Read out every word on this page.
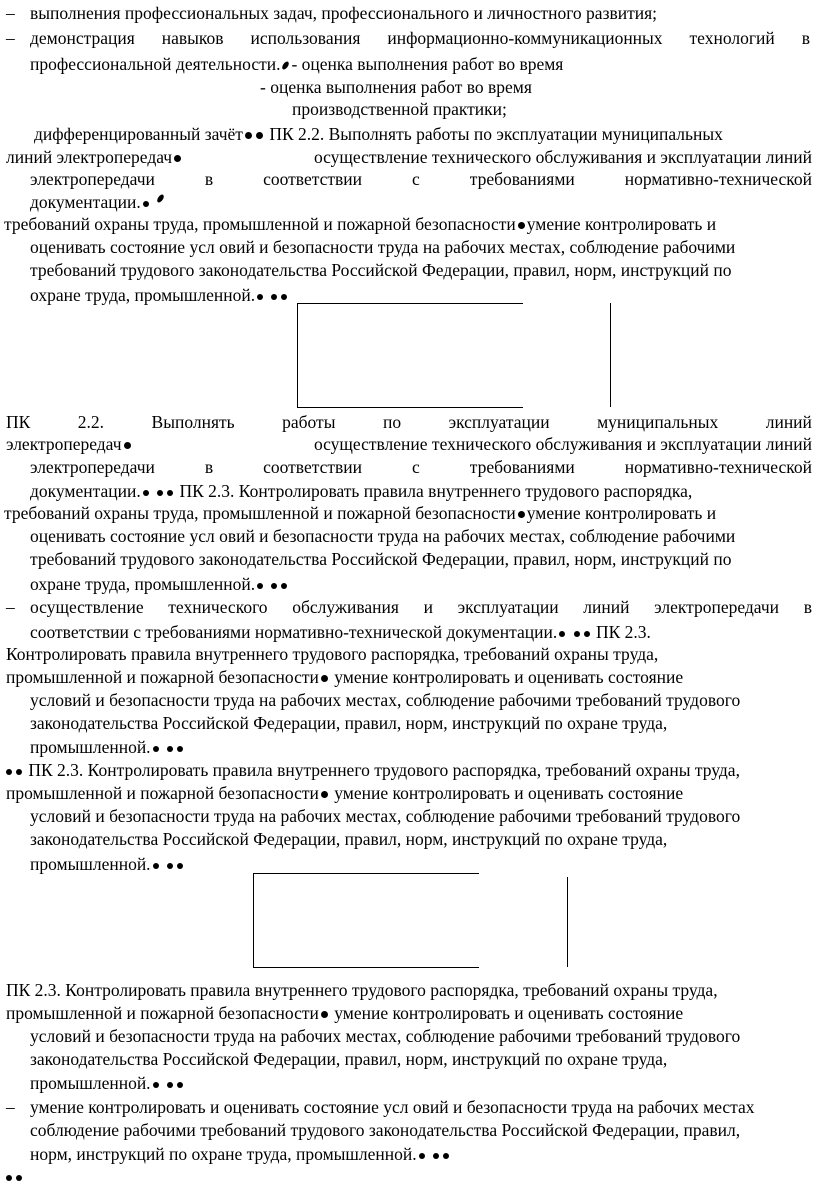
– выполнения профессиональных задач, профессионального и личностного развития;
– демонстрация навыков использования информационно-коммуникационных технологий в
профессиональной деятельности. - оценка выполнения работ во время
- оценка выполнения работ во время
производственной практики;
дифференцированный зачёт ПК 2.2. Выполнять работы по эксплуатации муниципальных
линий электропередач	осуществление технического обслуживания и эксплуатации линий
электропередачи	в	соответствии	с	требованиями	нормативно-технической
документации.
требований охраны труда, промышленной и пожарной безопасности умение контролировать и
оценивать состояние усл овий и безопасности труда на рабочих местах, соблюдение рабочими
требований трудового законодательства Российской Федерации, правил, норм, инструкций по
охране труда, промышленной.
ПК	2.2.	Выполнять	работы	по	эксплуатации	муниципальных	линий
электропередач	осуществление технического обслуживания и эксплуатации линий
электропередачи	в	соответствии	с	требованиями	нормативно-технической
документации. ПК 2.3. Контролировать правила внутреннего трудового распорядка,
требований охраны труда, промышленной и пожарной безопасности умение контролировать и
оценивать состояние усл овий и безопасности труда на рабочих местах, соблюдение рабочими
требований трудового законодательства Российской Федерации, правил, норм, инструкций по
охране труда, промышленной.
– осуществление технического обслуживания и эксплуатации линий электропередачи в
соответствии с требованиями нормативно-технической документации. ПК 2.3.
Контролировать правила внутреннего трудового распорядка, требований охраны труда,
промышленной и пожарной безопасности умение контролировать и оценивать состояние
условий и безопасности труда на рабочих местах, соблюдение рабочими требований трудового
законодательства Российской Федерации, правил, норм, инструкций по охране труда,
промышленной.
ПК 2.3. Контролировать правила внутреннего трудового распорядка, требований охраны труда,
промышленной и пожарной безопасности умение контролировать и оценивать состояние
условий и безопасности труда на рабочих местах, соблюдение рабочими требований трудового
законодательства Российской Федерации, правил, норм, инструкций по охране труда,
промышленной.
ПК 2.3. Контролировать правила внутреннего трудового распорядка, требований охраны труда,
промышленной и пожарной безопасности умение контролировать и оценивать состояние
условий и безопасности труда на рабочих местах, соблюдение рабочими требований трудового
законодательства Российской Федерации, правил, норм, инструкций по охране труда,
промышленной.
– умение контролировать и оценивать состояние усл овий и безопасности труда на рабочих местах
соблюдение рабочими требований трудового законодательства Российской Федерации, правил,
норм, инструкций по охране труда, промышленной.
